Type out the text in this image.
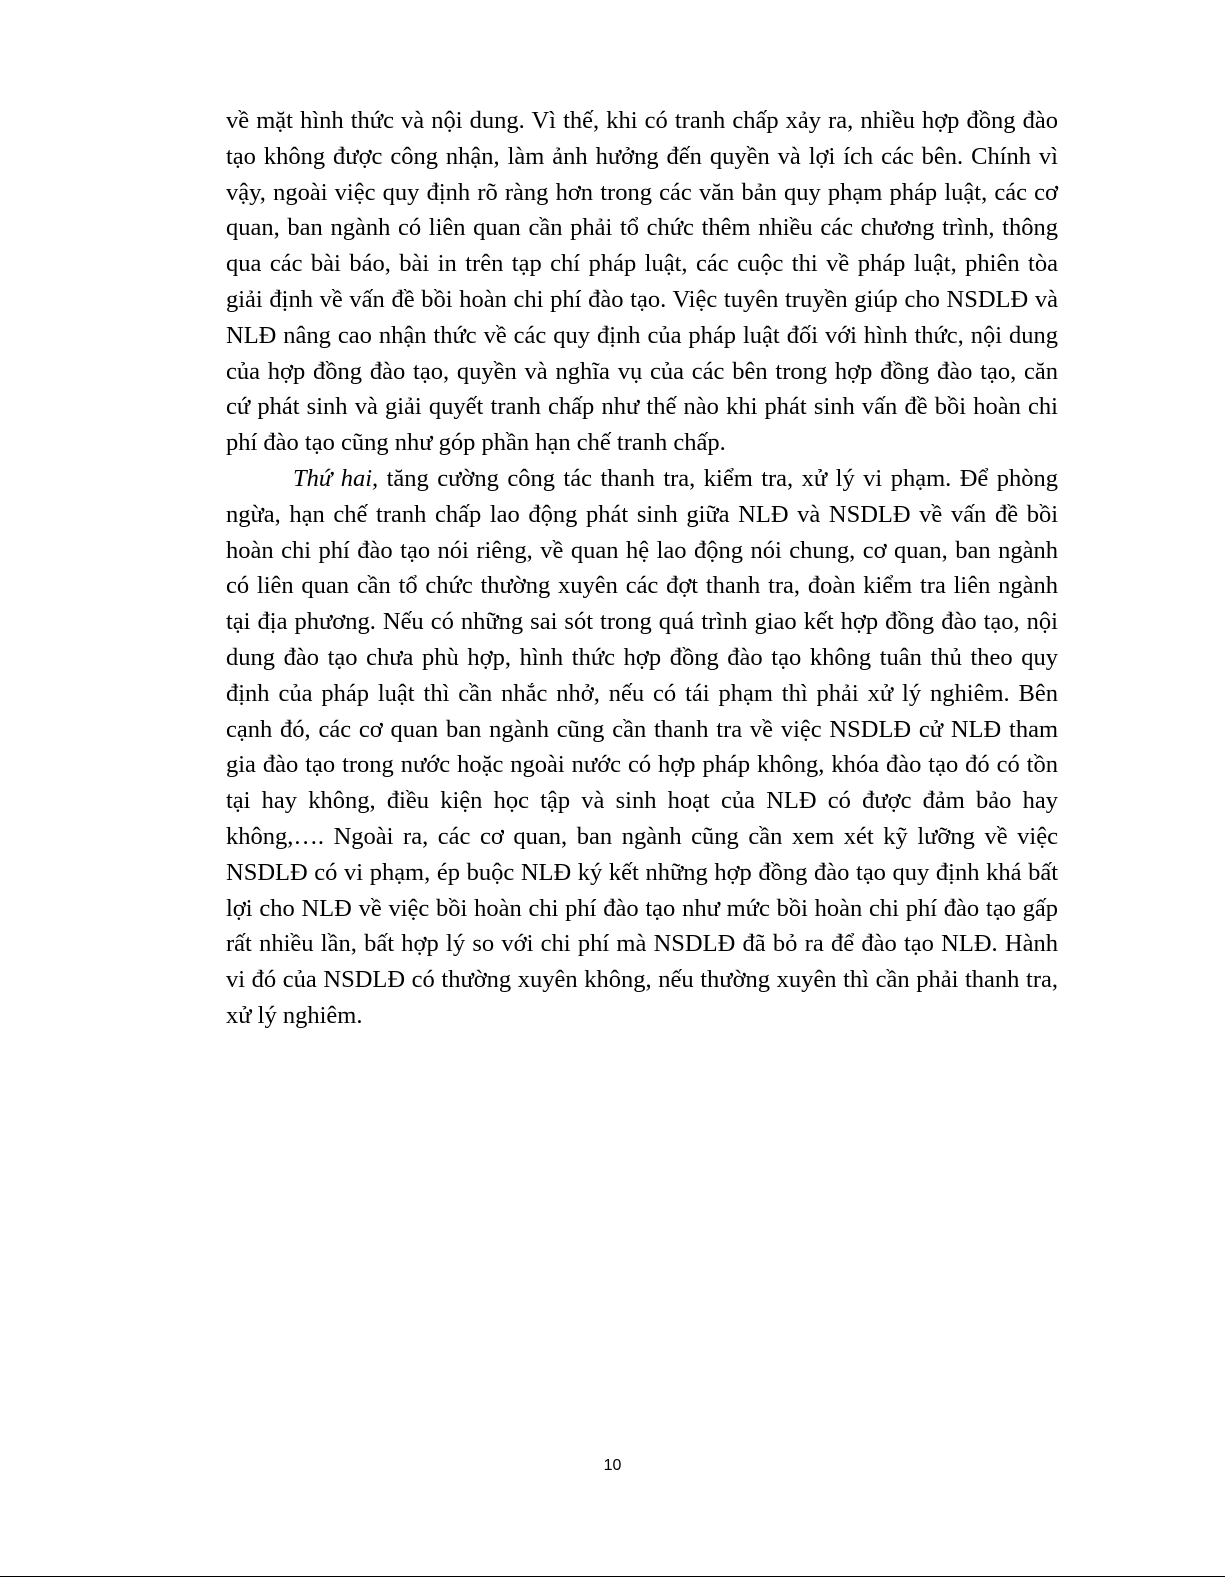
về mặt hình thức và nội dung. Vì thế, khi có tranh chấp xảy ra, nhiều hợp đồng đào tạo không được công nhận, làm ảnh hưởng đến quyền và lợi ích các bên. Chính vì vậy, ngoài việc quy định rõ ràng hơn trong các văn bản quy phạm pháp luật, các cơ quan, ban ngành có liên quan cần phải tổ chức thêm nhiều các chương trình, thông qua các bài báo, bài in trên tạp chí pháp luật, các cuộc thi về pháp luật, phiên tòa giải định về vấn đề bồi hoàn chi phí đào tạo. Việc tuyên truyền giúp cho NSDLĐ và NLĐ nâng cao nhận thức về các quy định của pháp luật đối với hình thức, nội dung của hợp đồng đào tạo, quyền và nghĩa vụ của các bên trong hợp đồng đào tạo, căn cứ phát sinh và giải quyết tranh chấp như thế nào khi phát sinh vấn đề bồi hoàn chi phí đào tạo cũng như góp phần hạn chế tranh chấp.

Thứ hai, tăng cường công tác thanh tra, kiểm tra, xử lý vi phạm. Để phòng ngừa, hạn chế tranh chấp lao động phát sinh giữa NLĐ và NSDLĐ về vấn đề bồi hoàn chi phí đào tạo nói riêng, về quan hệ lao động nói chung, cơ quan, ban ngành có liên quan cần tổ chức thường xuyên các đợt thanh tra, đoàn kiểm tra liên ngành tại địa phương. Nếu có những sai sót trong quá trình giao kết hợp đồng đào tạo, nội dung đào tạo chưa phù hợp, hình thức hợp đồng đào tạo không tuân thủ theo quy định của pháp luật thì cần nhắc nhở, nếu có tái phạm thì phải xử lý nghiêm. Bên cạnh đó, các cơ quan ban ngành cũng cần thanh tra về việc NSDLĐ cử NLĐ tham gia đào tạo trong nước hoặc ngoài nước có hợp pháp không, khóa đào tạo đó có tồn tại hay không, điều kiện học tập và sinh hoạt của NLĐ có được đảm bảo hay không,…. Ngoài ra, các cơ quan, ban ngành cũng cần xem xét kỹ lưỡng về việc NSDLĐ có vi phạm, ép buộc NLĐ ký kết những hợp đồng đào tạo quy định khá bất lợi cho NLĐ về việc bồi hoàn chi phí đào tạo như mức bồi hoàn chi phí đào tạo gấp rất nhiều lần, bất hợp lý so với chi phí mà NSDLĐ đã bỏ ra để đào tạo NLĐ. Hành vi đó của NSDLĐ có thường xuyên không, nếu thường xuyên thì cần phải thanh tra, xử lý nghiêm.

10
